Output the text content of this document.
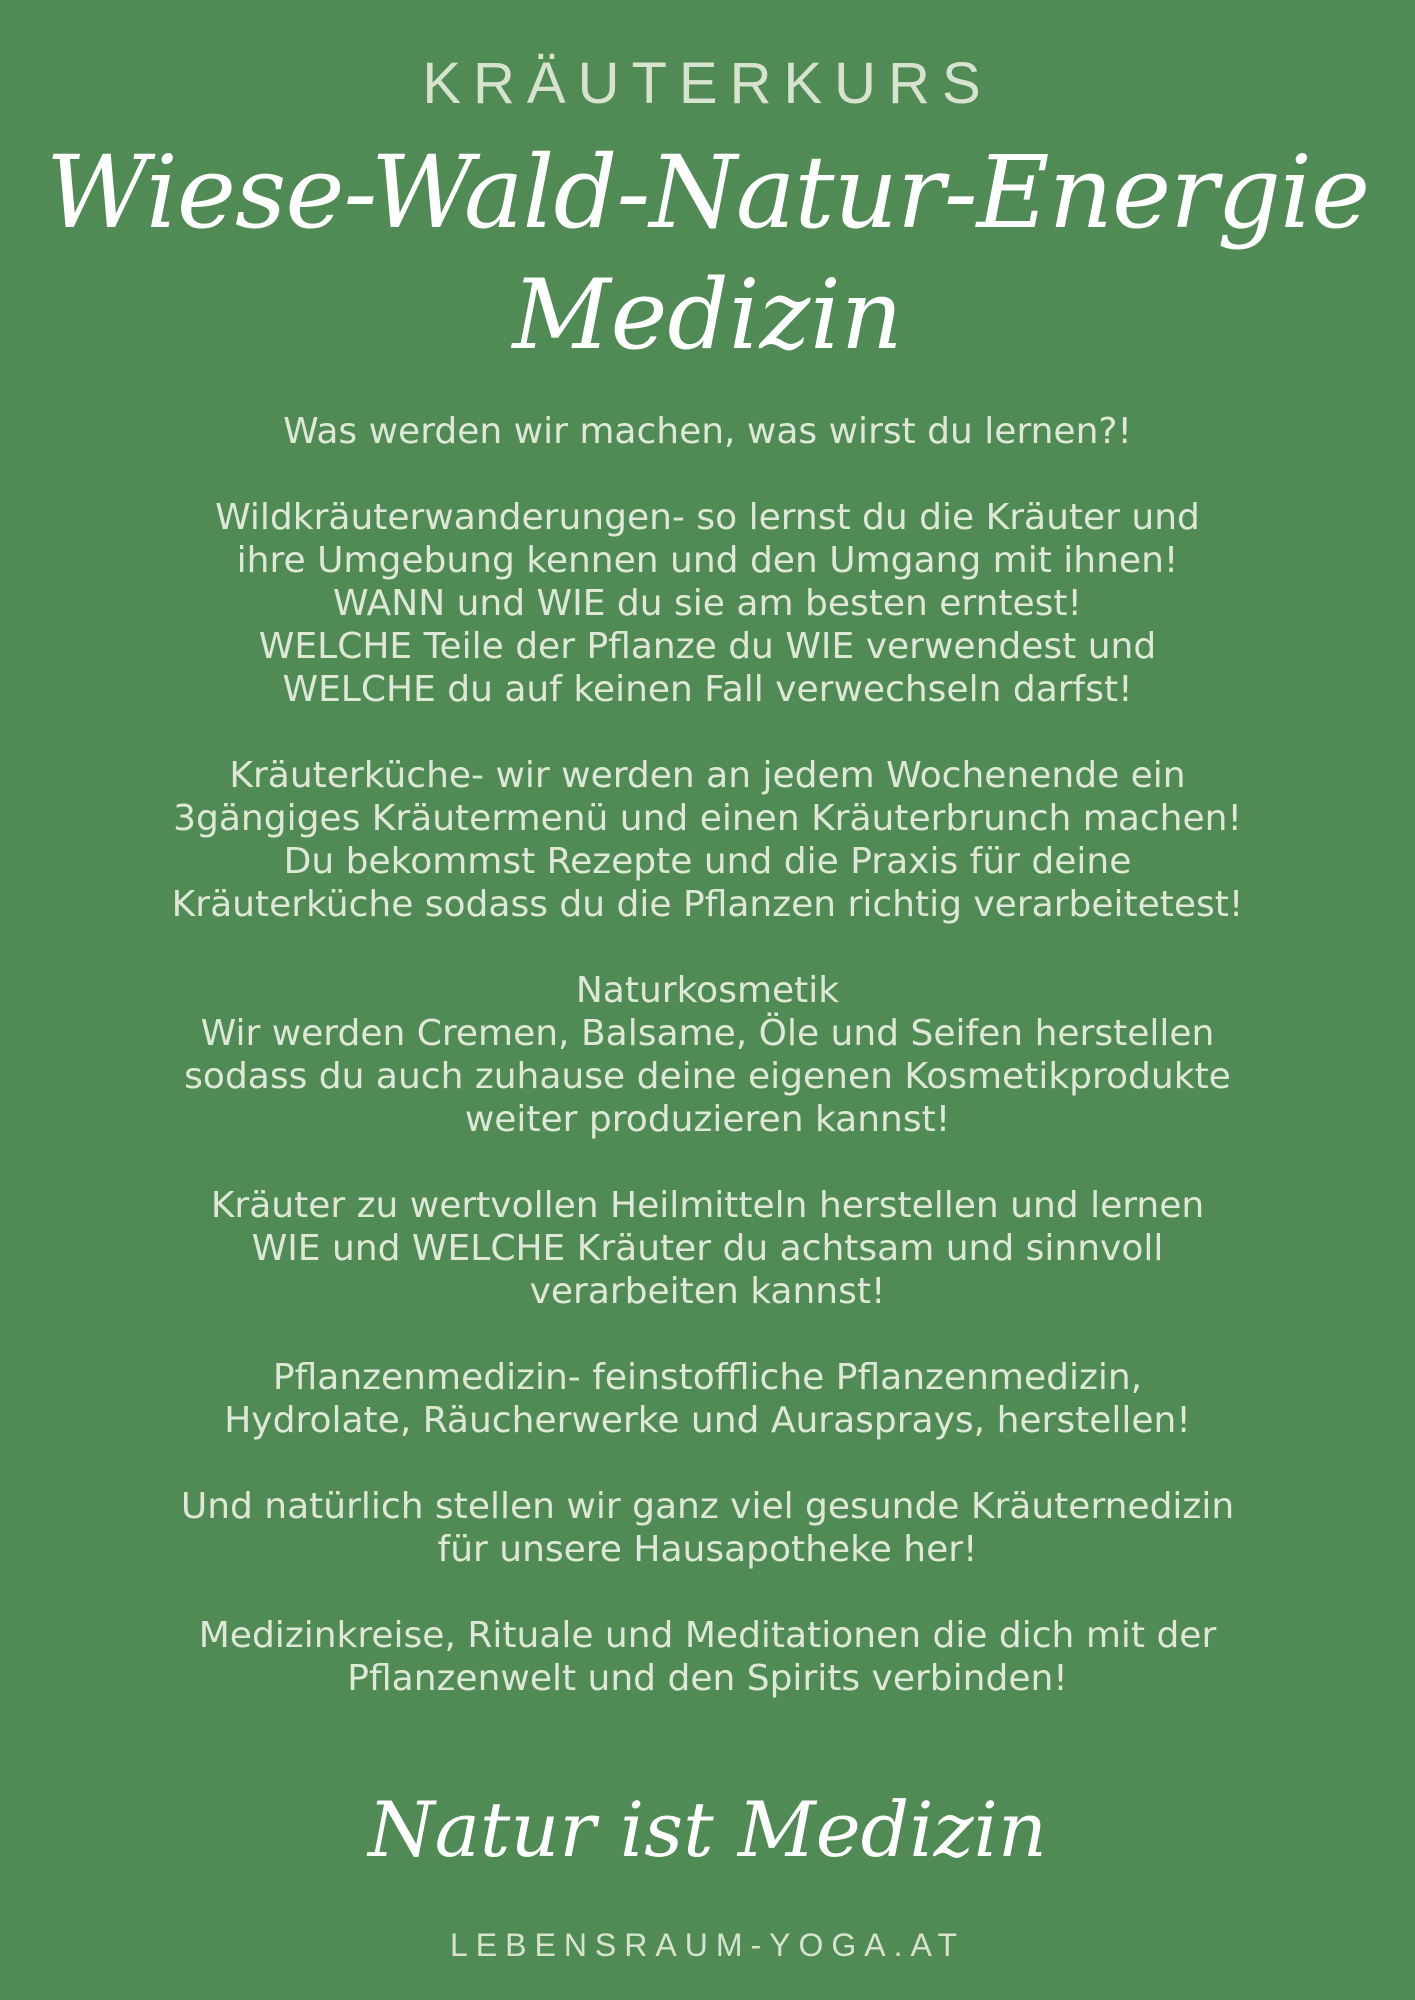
KRÄUTERKURS
Wiese-Wald-Natur-Energie
Medizin

Was werden wir machen, was wirst du lernen?!

Wildkräuterwanderungen- so lernst du die Kräuter und
ihre Umgebung kennen und den Umgang mit ihnen!
WANN und WIE du sie am besten erntest!
WELCHE Teile der Pflanze du WIE verwendest und
WELCHE du auf keinen Fall verwechseln darfst!

Kräuterküche- wir werden an jedem Wochenende ein
3gängiges Kräutermenü und einen Kräuterbrunch machen!
Du bekommst Rezepte und die Praxis für deine
Kräuterküche sodass du die Pflanzen richtig verarbeitetest!

Naturkosmetik
Wir werden Cremen, Balsame, Öle und Seifen herstellen
sodass du auch zuhause deine eigenen Kosmetikprodukte
weiter produzieren kannst!

Kräuter zu wertvollen Heilmitteln herstellen und lernen
WIE und WELCHE Kräuter du achtsam und sinnvoll
verarbeiten kannst!

Pflanzenmedizin- feinstoffliche Pflanzenmedizin,
Hydrolate, Räucherwerke und Aurasprays, herstellen!

Und natürlich stellen wir ganz viel gesunde Kräuternedizin
für unsere Hausapotheke her!

Medizinkreise, Rituale und Meditationen die dich mit der
Pflanzenwelt und den Spirits verbinden!

Natur ist Medizin
LEBENSRAUM-YOGA.AT
